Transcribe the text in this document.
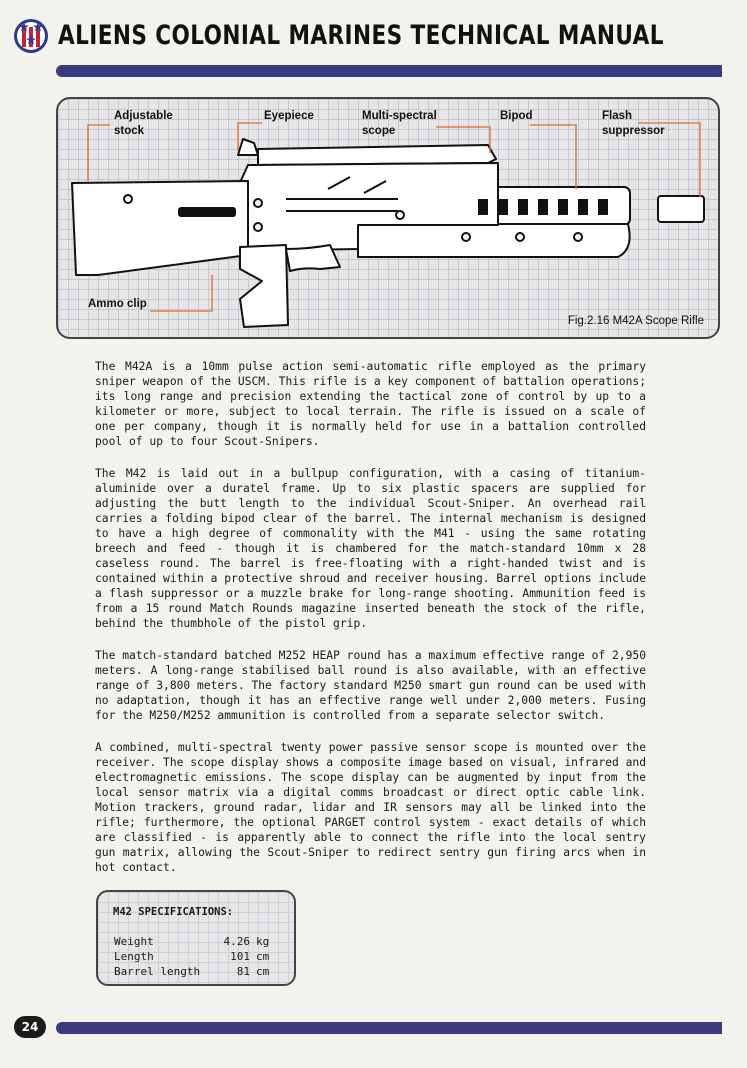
ALIENS COLONIAL MARINES TECHNICAL MANUAL
Adjustable
stock
Eyepiece	Multi-spectral
scope
Bipod	Flash
suppressor
Ammo clip
Fig.2.16 M42A Scope Rifle

The M42A is a 10mm pulse action semi-automatic rifle employed as the primary sniper weapon of the USCM. This rifle is a key component of battalion operations; its long range and precision extending the tactical zone of control by up to a kilometer or more, subject to local terrain. The rifle is issued on a scale of one per company, though it is normally held for use in a battalion controlled pool of up to four Scout-Snipers.

The M42 is laid out in a bullpup configuration, with a casing of titanium-aluminide over a duratel frame. Up to six plastic spacers are supplied for adjusting the butt length to the individual Scout-Sniper. An overhead rail carries a folding bipod clear of the barrel. The internal mechanism is designed to have a high degree of commonality with the M41 - using the same rotating breech and feed - though it is chambered for the match-standard 10mm x 28 caseless round. The barrel is free-floating with a right-handed twist and is contained within a protective shroud and receiver housing. Barrel options include a flash suppressor or a muzzle brake for long-range shooting. Ammunition feed is from a 15 round Match Rounds magazine inserted beneath the stock of the rifle, behind the thumbhole of the pistol grip.

The match-standard batched M252 HEAP round has a maximum effective range of 2,950 meters. A long-range stabilised ball round is also available, with an effective range of 3,800 meters. The factory standard M250 smart gun round can be used with no adaptation, though it has an effective range well under 2,000 meters. Fusing for the M250/M252 ammunition is controlled from a separate selector switch.

A combined, multi-spectral twenty power passive sensor scope is mounted over the receiver. The scope display shows a composite image based on visual, infrared and electromagnetic emissions. The scope display can be augmented by input from the local sensor matrix via a digital comms broadcast or direct optic cable link. Motion trackers, ground radar, lidar and IR sensors may all be linked into the rifle; furthermore, the optional PARGET control system - exact details of which are classified - is apparently able to connect the rifle into the local sentry gun matrix, allowing the Scout-Sniper to redirect sentry gun firing arcs when in hot contact.

M42 SPECIFICATIONS:
Weight	4.26 kg
Length	101 cm
Barrel length	81 cm
24
